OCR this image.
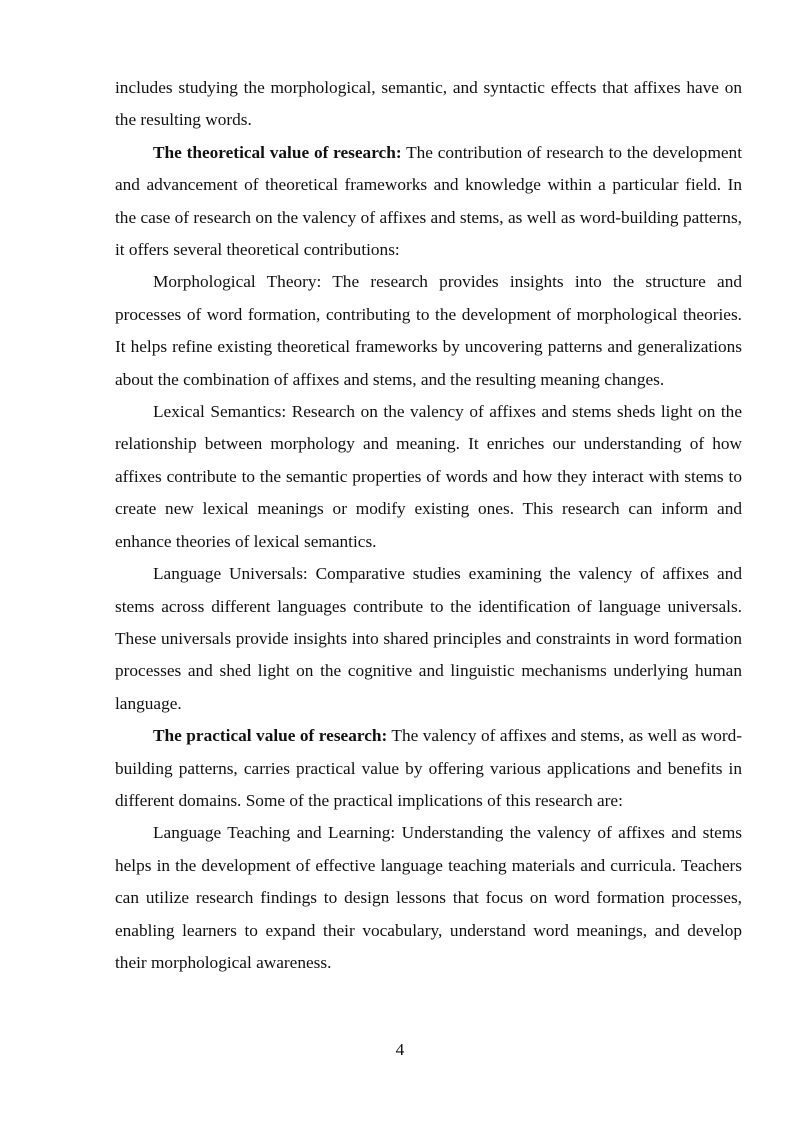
includes studying the morphological, semantic, and syntactic effects that affixes have on the resulting words.

The theoretical value of research: The contribution of research to the development and advancement of theoretical frameworks and knowledge within a particular field. In the case of research on the valency of affixes and stems, as well as word-building patterns, it offers several theoretical contributions:

Morphological Theory: The research provides insights into the structure and processes of word formation, contributing to the development of morphological theories. It helps refine existing theoretical frameworks by uncovering patterns and generalizations about the combination of affixes and stems, and the resulting meaning changes.

Lexical Semantics: Research on the valency of affixes and stems sheds light on the relationship between morphology and meaning. It enriches our understanding of how affixes contribute to the semantic properties of words and how they interact with stems to create new lexical meanings or modify existing ones. This research can inform and enhance theories of lexical semantics.

Language Universals: Comparative studies examining the valency of affixes and stems across different languages contribute to the identification of language universals. These universals provide insights into shared principles and constraints in word formation processes and shed light on the cognitive and linguistic mechanisms underlying human language.

The practical value of research: The valency of affixes and stems, as well as word-building patterns, carries practical value by offering various applications and benefits in different domains. Some of the practical implications of this research are:

Language Teaching and Learning: Understanding the valency of affixes and stems helps in the development of effective language teaching materials and curricula. Teachers can utilize research findings to design lessons that focus on word formation processes, enabling learners to expand their vocabulary, understand word meanings, and develop their morphological awareness.

4
